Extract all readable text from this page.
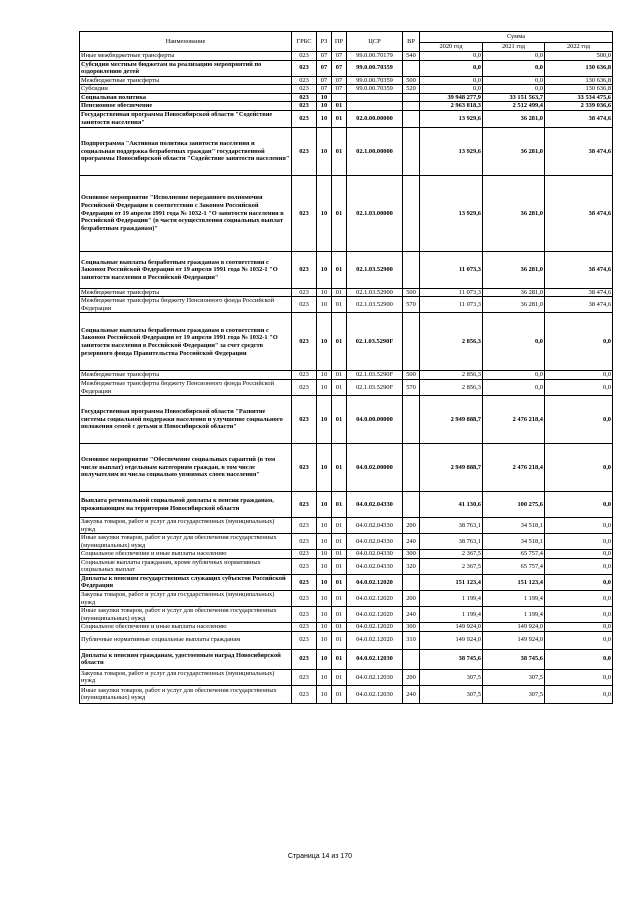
Наименование	ГРБС	РЗ	ПР	ЦСР	ВР	Сумма		
						2020 год	2021 год	2022 год
Иные межбюджетные трансферты	023	07	07	99.0.00.70179	540	0,0	0,0	500,0
Субсидии местным бюджетам на реализацию мероприятий по оздоровлению детей	023	07	07	99.0.00.70359		0,0	0,0	130 636,8
Межбюджетные трансферты	023	07	07	99.0.00.70359	500	0,0	0,0	130 636,8
Субсидии	023	07	07	99.0.00.70359	520	0,0	0,0	130 636,8
Социальная политика	023	10				39 948 277,9	33 151 563,7	33 534 475,6
Пенсионное обеспечение	023	10	01			2 963 818,3	2 512 499,4	2 339 036,6
Государственная программа Новосибирской области "Содействие занятости населения"	023	10	01	02.0.00.00000		13 929,6	36 281,0	38 474,6
Подпрограмма "Активная политика занятости населения и социальная поддержка безработных граждан" государственной программы Новосибирской области "Содействие занятости населения"	023	10	01	02.1.00.00000		13 929,6	36 281,0	38 474,6
Основное мероприятие "Исполнение переданного полномочия Российской Федерации в соответствии с Законом Российской Федерации от 19 апреля 1991 года № 1032-1 "О занятости населения в Российской Федерации" (в части осуществления социальных выплат безработным гражданам)"	023	10	01	02.1.03.00000		13 929,6	36 281,0	38 474,6
Социальные выплаты безработным гражданам в соответствии с Законом Российской Федерации от 19 апреля 1991 года № 1032-1 "О занятости населения в Российской Федерации"	023	10	01	02.1.03.52900		11 073,3	36 281,0	38 474,6
Межбюджетные трансферты	023	10	01	02.1.03.52900	500	11 073,3	36 281,0	38 474,6
Межбюджетные трансферты бюджету Пенсионного фонда Российской Федерации	023	10	01	02.1.03.52900	570	11 073,3	36 281,0	38 474,6
Социальные выплаты безработным гражданам в соответствии с Законом Российской Федерации от 19 апреля 1991 года № 1032-1 "О занятости населения в Российской Федерации" за счет средств резервного фонда Правительства Российской Федерации	023	10	01	02.1.03.5290F		2 856,3	0,0	0,0
Межбюджетные трансферты	023	10	01	02.1.03.5290F	500	2 856,3	0,0	0,0
Межбюджетные трансферты бюджету Пенсионного фонда Российской Федерации	023	10	01	02.1.03.5290F	570	2 856,3	0,0	0,0
Государственная программа Новосибирской области "Развитие системы социальной поддержки населения и улучшение социального положения семей с детьми в Новосибирской области"	023	10	01	04.0.00.00000		2 949 888,7	2 476 218,4	0,0
Основное мероприятие "Обеспечение социальных гарантий (в том числе выплат) отдельным категориям граждан, в том числе получателям из числа социально уязвимых слоев населения"	023	10	01	04.0.02.00000		2 949 888,7	2 476 218,4	0,0
Выплата региональной социальной доплаты к пенсии гражданам, проживающим на территории Новосибирской области	023	10	01	04.0.02.04330		41 130,6	100 275,6	0,0
Закупка товаров, работ и услуг для государственных (муниципальных) нужд	023	10	01	04.0.02.04330	200	38 763,1	34 518,1	0,0
Иные закупки товаров, работ и услуг для обеспечения государственных (муниципальных) нужд	023	10	01	04.0.02.04330	240	38 763,1	34 518,1	0,0
Социальное обеспечение и иные выплаты населению	023	10	01	04.0.02.04330	300	2 367,5	65 757,4	0,0
Социальные выплаты гражданам, кроме публичных нормативных социальных выплат	023	10	01	04.0.02.04330	320	2 367,5	65 757,4	0,0
Доплаты к пенсиям государственных служащих субъектов Российской Федерации	023	10	01	04.0.02.12020		151 123,4	151 123,4	0,0
Закупка товаров, работ и услуг для государственных (муниципальных) нужд	023	10	01	04.0.02.12020	200	1 199,4	1 199,4	0,0
Иные закупки товаров, работ и услуг для обеспечения государственных (муниципальных) нужд	023	10	01	04.0.02.12020	240	1 199,4	1 199,4	0,0
Социальное обеспечение и иные выплаты населению	023	10	01	04.0.02.12020	300	149 924,0	149 924,0	0,0
Публичные нормативные социальные выплаты гражданам	023	10	01	04.0.02.12020	310	149 924,0	149 924,0	0,0
Доплаты к пенсиям гражданам, удостоенным наград Новосибирской области	023	10	01	04.0.02.12030		38 745,6	38 745,6	0,0
Закупка товаров, работ и услуг для государственных (муниципальных) нужд	023	10	01	04.0.02.12030	200	307,5	307,5	0,0
Иные закупки товаров, работ и услуг для обеспечения государственных (муниципальных) нужд	023	10	01	04.0.02.12030	240	307,5	307,5	0,0
Страница 14 из 170
